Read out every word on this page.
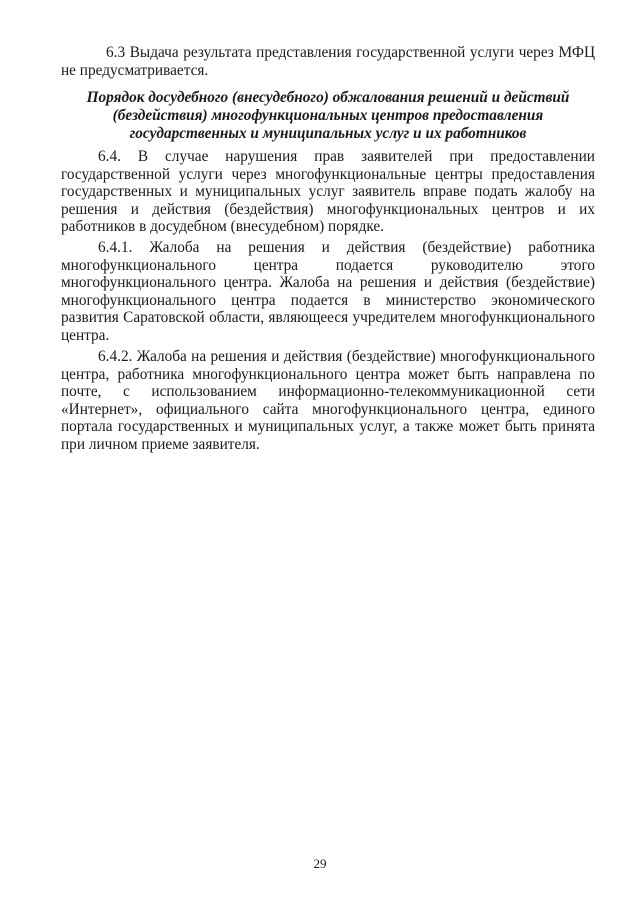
6.3 Выдача результата представления государственной услуги через МФЦ не предусматривается.

Порядок досудебного (внесудебного) обжалования решений и действий
(бездействия) многофункциональных центров предоставления
государственных и муниципальных услуг и их работников

6.4. В случае нарушения прав заявителей при предоставлении государственной услуги через многофункциональные центры предоставления государственных и муниципальных услуг заявитель вправе подать жалобу на решения и действия (бездействия) многофункциональных центров и их работников в досудебном (внесудебном) порядке.

6.4.1. Жалоба на решения и действия (бездействие) работника многофункционального центра подается руководителю этого многофункционального центра. Жалоба на решения и действия (бездействие) многофункционального центра подается в министерство экономического развития Саратовской области, являющееся учредителем многофункционального центра.

6.4.2. Жалоба на решения и действия (бездействие) многофункционального центра, работника многофункционального центра может быть направлена по почте, с использованием информационно-телекоммуникационной сети «Интернет», официального сайта многофункционального центра, единого портала государственных и муниципальных услуг, а также может быть принята при личном приеме заявителя.

29
